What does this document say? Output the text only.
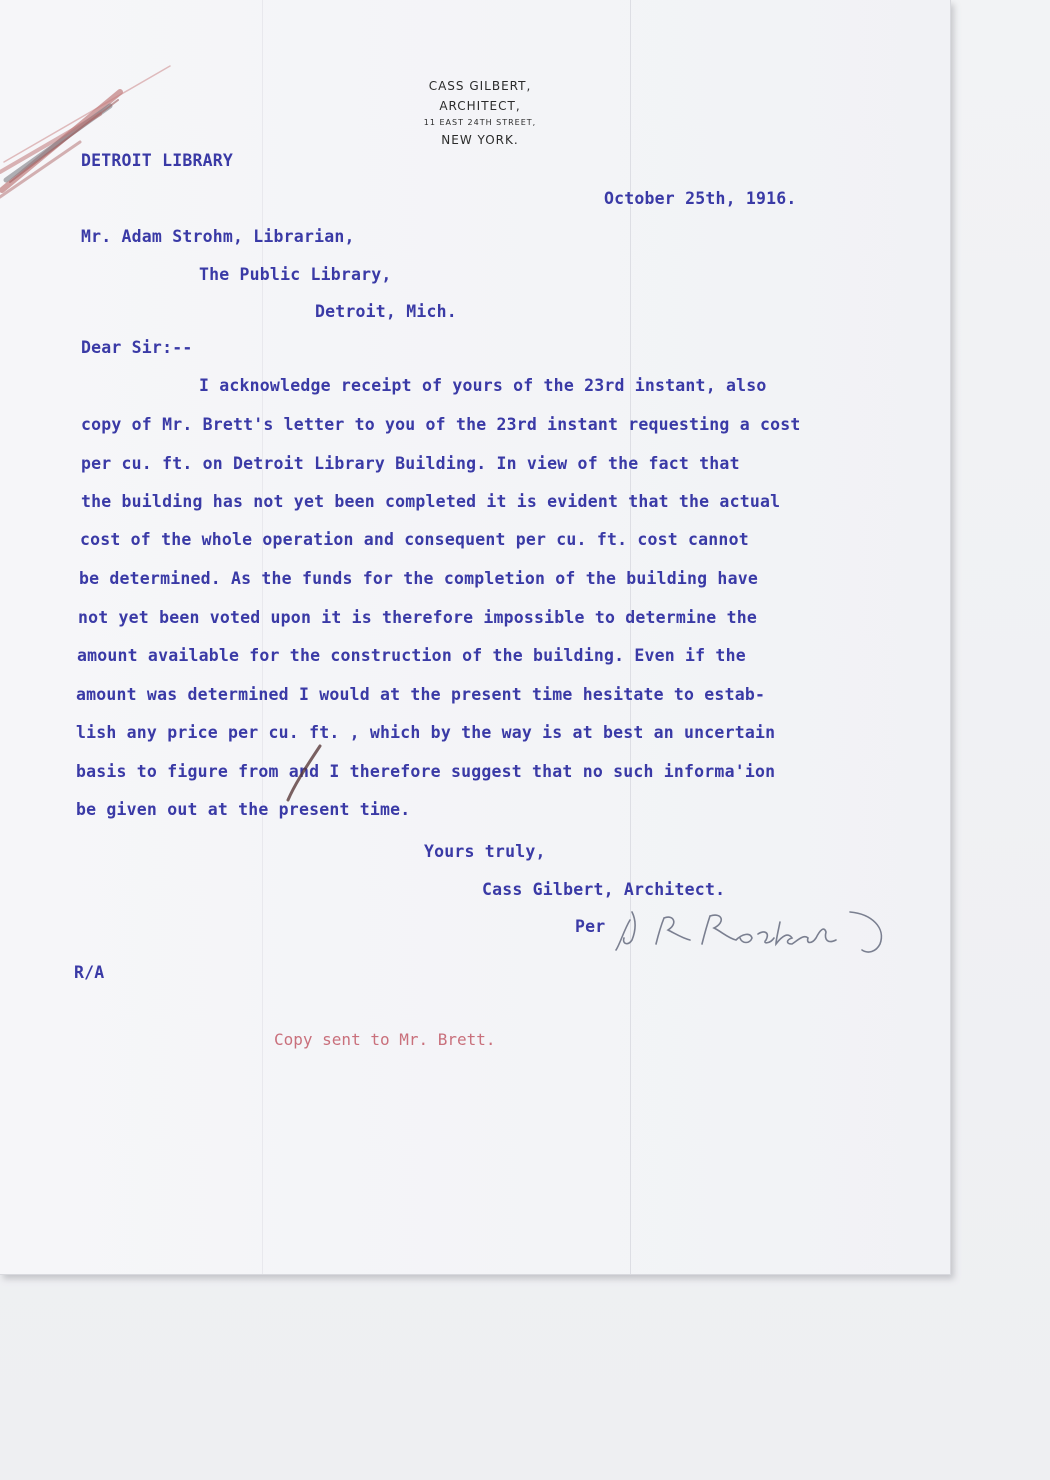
CASS GILBERT,
ARCHITECT,
11 EAST 24TH STREET,
NEW YORK.
DETROIT LIBRARY
October 25th, 1916.
Mr. Adam Strohm, Librarian,
The Public Library,
Detroit, Mich.
Dear Sir:--
I acknowledge receipt of yours of the 23rd instant, also
copy of Mr. Brett's letter to you of the 23rd instant requesting a cost
per cu. ft. on Detroit Library Building. In view of the fact that
the building has not yet been completed it is evident that the actual
cost of the whole operation and consequent per cu. ft. cost cannot
be determined. As the funds for the completion of the building have
not yet been voted upon it is therefore impossible to determine the
amount available for the construction of the building. Even if the
amount was determined I would at the present time hesitate to estab-
lish any price per cu. ft. , which by the way is at best an uncertain
basis to figure from and I therefore suggest that no such informa'ion
be given out at the present time.
Yours truly,
Cass Gilbert, Architect.
Per
R/A
Copy sent to Mr. Brett.
